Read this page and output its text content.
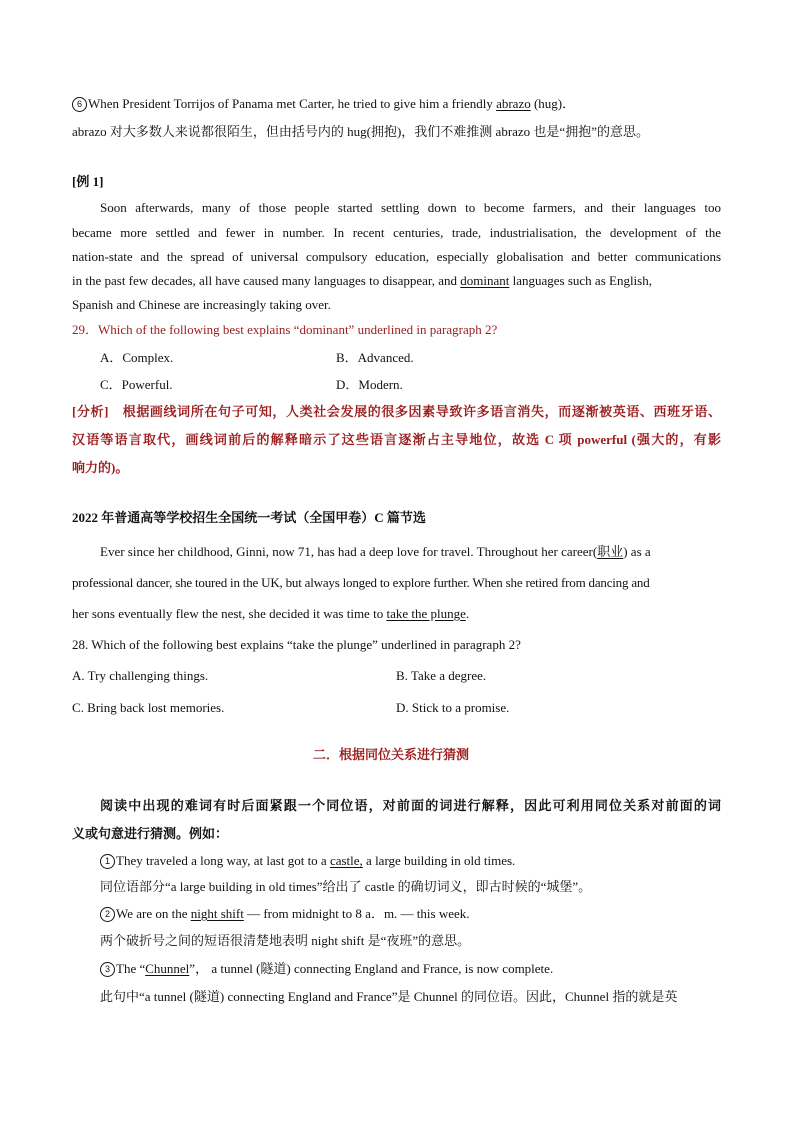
6 When President Torrijos of Panama met Carter, he tried to give him a friendly abrazo (hug)．
abrazo 对大多数人来说都很陌生，但由括号内的 hug(拥抱)，我们不难推测 abrazo 也是“拥抱”的意思。
[例 1]
Soon afterwards, many of those people started settling down to become farmers, and their languages too
became more settled and fewer in number. In recent centuries, trade, industrialisation, the development of the
nation-state and the spread of universal compulsory education, especially globalisation and better communications
in the past few decades, all have caused many languages to disappear, and dominant languages such as English,
Spanish and Chinese are increasingly taking over.
29．Which of the following best explains “dominant” underlined in paragraph 2?
A．Complex.	B．Advanced.
C．Powerful.	D．Modern.
[分析]　根据画线词所在句子可知，人类社会发展的很多因素导致许多语言消失，而逐渐被英语、西班牙语、
汉语等语言取代，画线词前后的解释暗示了这些语言逐渐占主导地位，故选 C 项 powerful (强大的，有影
响力的)。
2022 年普通高等学校招生全国统一考试（全国甲卷）C 篇节选
Ever since her childhood, Ginni, now 71, has had a deep love for travel. Throughout her career(职业) as a
professional dancer, she toured in the UK, but always longed to explore further. When she retired from dancing and
her sons eventually flew the nest, she decided it was time to take the plunge.
28. Which of the following best explains “take the plunge” underlined in paragraph 2?
A. Try challenging things.	B. Take a degree.
C. Bring back lost memories.	D. Stick to a promise.
二．根据同位关系进行猜测
阅读中出现的难词有时后面紧跟一个同位语，对前面的词进行解释，因此可利用同位关系对前面的词
义或句意进行猜测。例如：
1 They traveled a long way, at last got to a castle, a large building in old times.
同位语部分“a large building in old times”给出了 castle 的确切词义，即古时候的“城堡”。
2 We are on the night shift — from midnight to 8 a．m. — this week.
两个破折号之间的短语很清楚地表明 night shift 是“夜班”的意思。
3 The “Chunnel”， a tunnel (隧道) connecting England and France, is now complete.
此句中“a tunnel (隧道) connecting England and France”是 Chunnel 的同位语。因此，Chunnel 指的就是英
